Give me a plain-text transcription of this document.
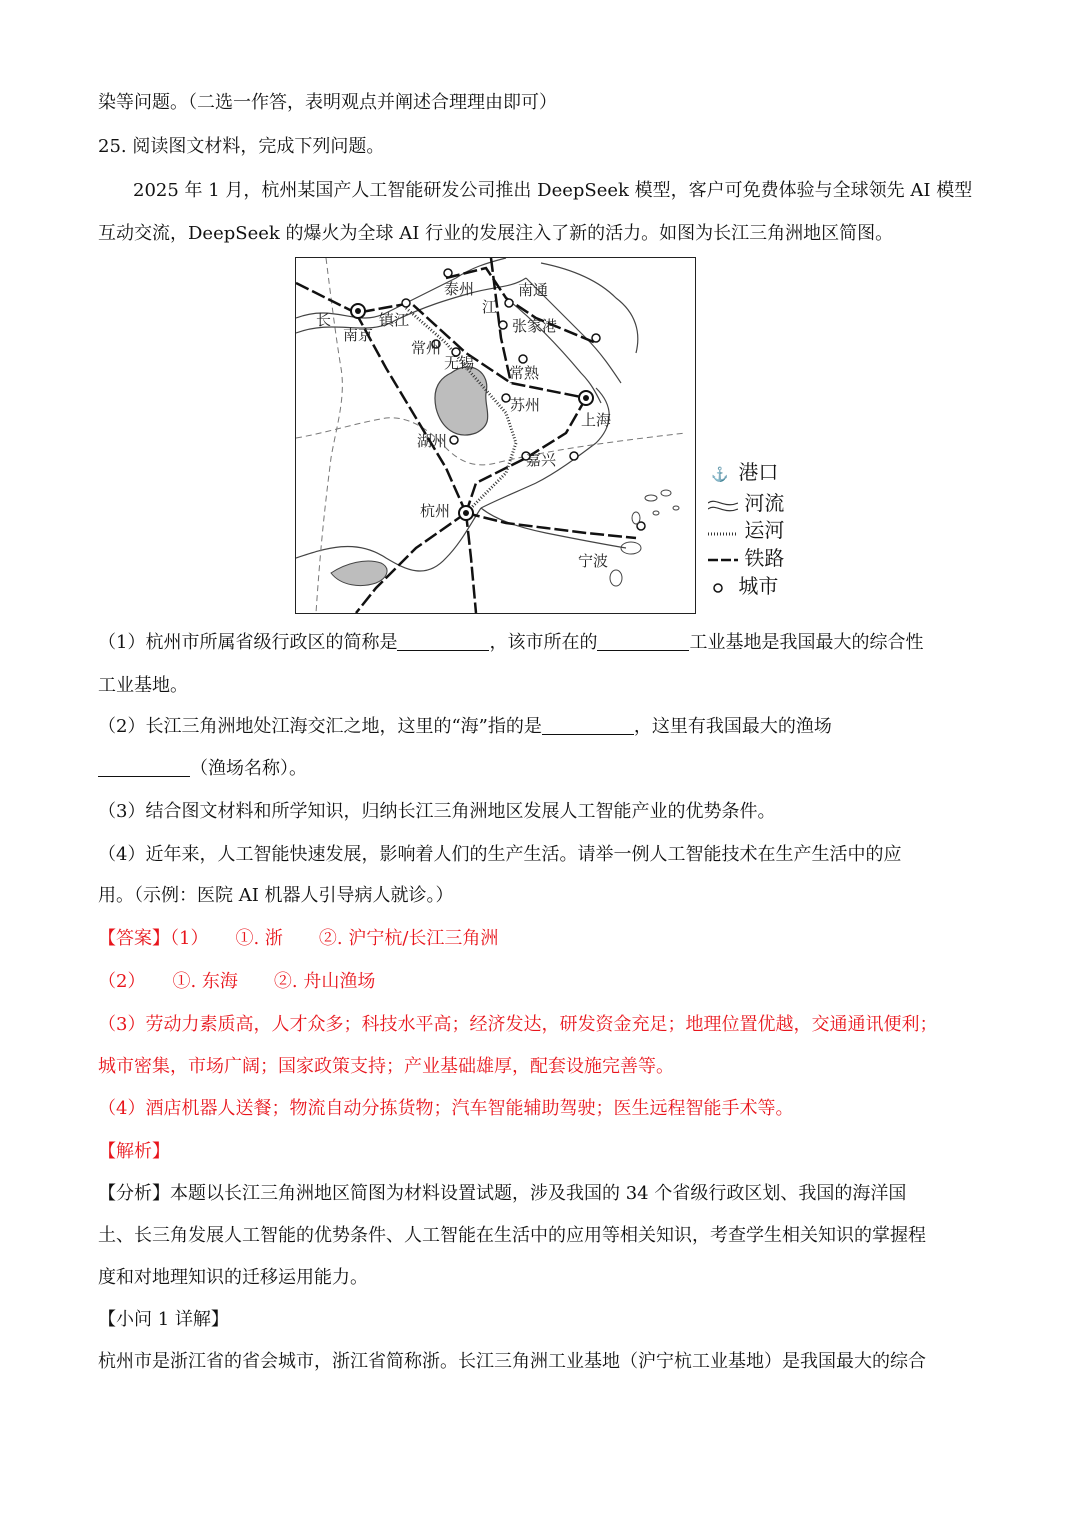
染等问题。（二选一作答，表明观点并阐述合理理由即可）
25. 阅读图文材料，完成下列问题。
2025 年 1 月，杭州某国产人工智能研发公司推出 DeepSeek 模型，客户可免费体验与全球领先 AI 模型
互动交流，DeepSeek 的爆火为全球 AI 行业的发展注入了新的活力。如图为长江三角洲地区简图。
泰州	南通
江
张家港
长
南京
镇江
常州
无锡
常熟
苏州
上海
湖州
嘉兴
杭州
宁波
⚓ 港口
河流
运河
铁路
城市
（1）杭州市所属省级行政区的简称是	，该市所在的	工业基地是我国最大的综合性
工业基地。
（2）长江三角洲地处江海交汇之地，这里的“海”指的是	，这里有我国最大的渔场
（渔场名称）。
（3）结合图文材料和所学知识，归纳长江三角洲地区发展人工智能产业的优势条件。
（4）近年来，人工智能快速发展，影响着人们的生产生活。请举一例人工智能技术在生产生活中的应
用。（示例：医院 AI 机器人引导病人就诊。）
【答案】（1）　　①. 浙　　②. 沪宁杭/长江三角洲
（2）　　①. 东海　　②. 舟山渔场
（3）劳动力素质高，人才众多；科技水平高；经济发达，研发资金充足；地理位置优越，交通通讯便利；
城市密集，市场广阔；国家政策支持；产业基础雄厚，配套设施完善等。
（4）酒店机器人送餐；物流自动分拣货物；汽车智能辅助驾驶；医生远程智能手术等。
【解析】
【分析】本题以长江三角洲地区简图为材料设置试题，涉及我国的 34 个省级行政区划、我国的海洋国
土、长三角发展人工智能的优势条件、人工智能在生活中的应用等相关知识，考查学生相关知识的掌握程
度和对地理知识的迁移运用能力。
【小问 1 详解】
杭州市是浙江省的省会城市，浙江省简称浙。长江三角洲工业基地（沪宁杭工业基地）是我国最大的综合
